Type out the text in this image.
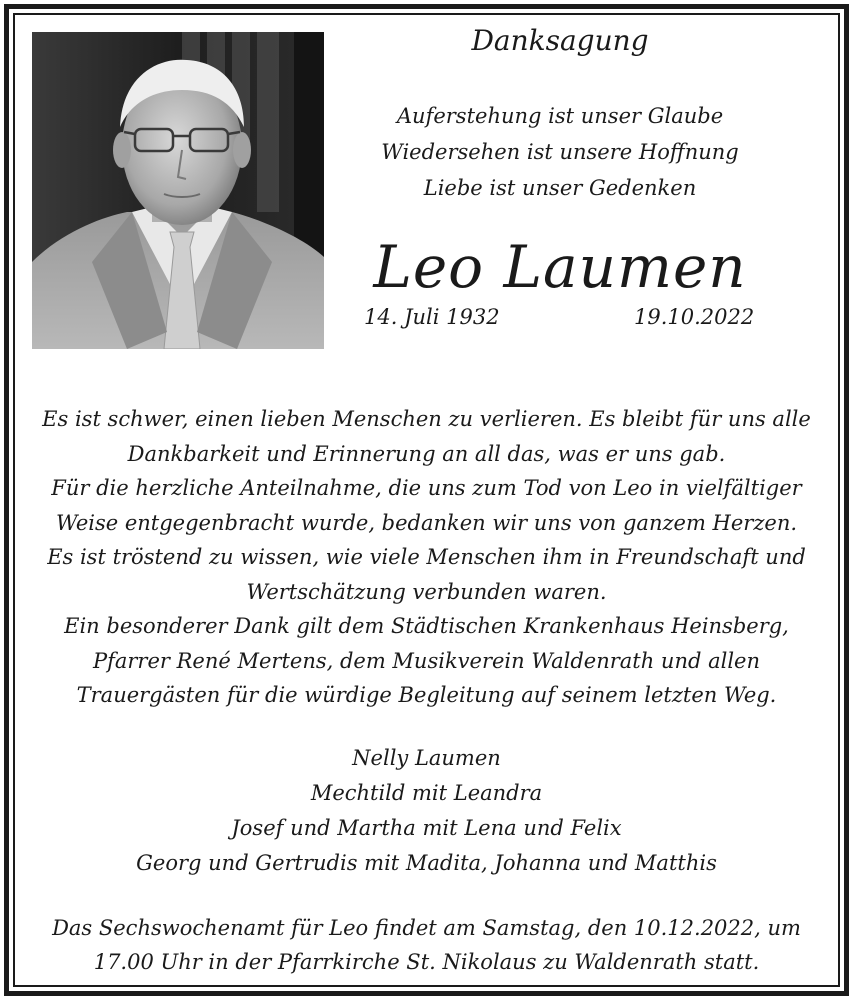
Danksagung
Auferstehung ist unser Glaube
Wiedersehen ist unsere Hoffnung
Liebe ist unser Gedenken
Leo Laumen
14. Juli 1932	19.10.2022
Es ist schwer, einen lieben Menschen zu verlieren. Es bleibt für uns alle
Dankbarkeit und Erinnerung an all das, was er uns gab.
Für die herzliche Anteilnahme, die uns zum Tod von Leo in vielfältiger
Weise entgegenbracht wurde, bedanken wir uns von ganzem Herzen.
Es ist tröstend zu wissen, wie viele Menschen ihm in Freundschaft und
Wertschätzung verbunden waren.
Ein besonderer Dank gilt dem Städtischen Krankenhaus Heinsberg,
Pfarrer René Mertens, dem Musikverein Waldenrath und allen
Trauergästen für die würdige Begleitung auf seinem letzten Weg.
Nelly Laumen
Mechtild mit Leandra
Josef und Martha mit Lena und Felix
Georg und Gertrudis mit Madita, Johanna und Matthis
Das Sechswochenamt für Leo findet am Samstag, den 10.12.2022, um
17.00 Uhr in der Pfarrkirche St. Nikolaus zu Waldenrath statt.
